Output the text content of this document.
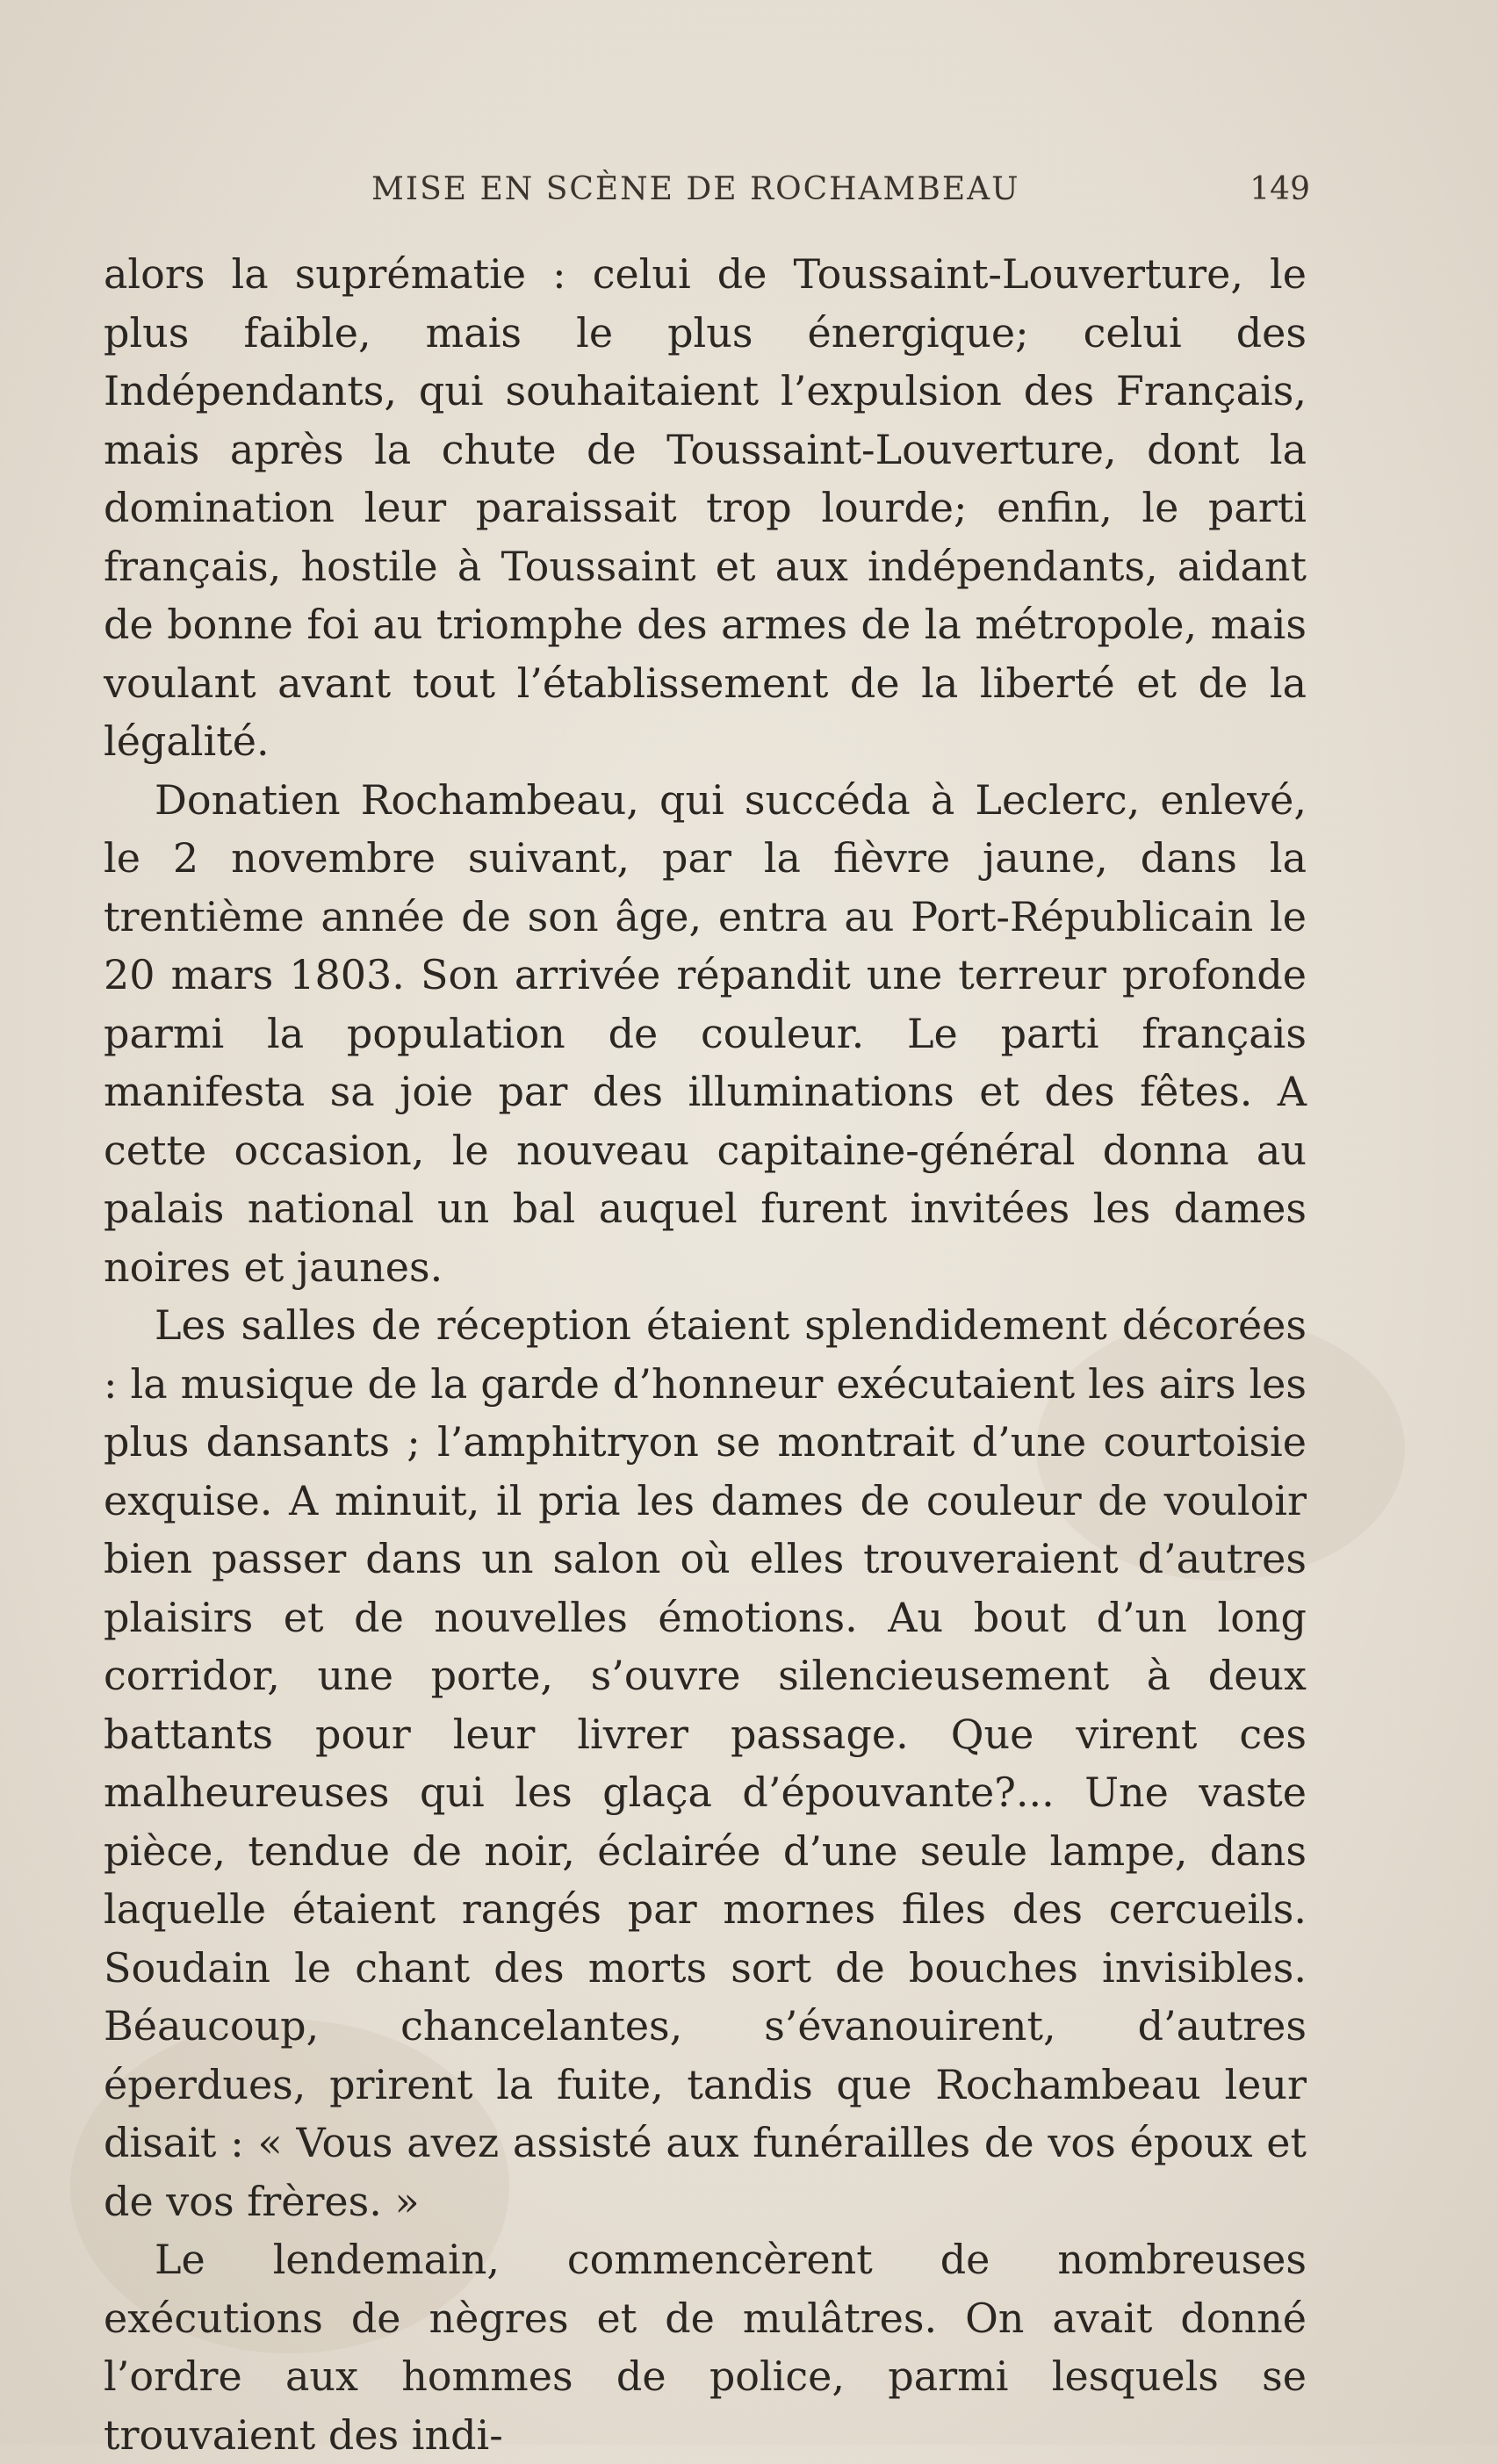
MISE EN SCÈNE DE ROCHAMBEAU	149

alors la suprématie : celui de Toussaint-Louverture, le plus faible, mais le plus énergique; celui des Indépendants, qui souhaitaient l’expulsion des Français, mais après la chute de Toussaint-Louverture, dont la domination leur paraissait trop lourde; enfin, le parti français, hostile à Toussaint et aux indépendants, aidant de bonne foi au triomphe des armes de la métropole, mais voulant avant tout l’établissement de la liberté et de la légalité.

Donatien Rochambeau, qui succéda à Leclerc, enlevé, le 2 novembre suivant, par la fièvre jaune, dans la trentième année de son âge, entra au Port-Républicain le 20 mars 1803. Son arrivée répandit une terreur profonde parmi la population de couleur. Le parti français manifesta sa joie par des illuminations et des fêtes. A cette occasion, le nouveau capitaine-général donna au palais national un bal auquel furent invitées les dames noires et jaunes.

Les salles de réception étaient splendidement décorées : la musique de la garde d’honneur exécutaient les airs les plus dansants ; l’amphitryon se montrait d’une courtoisie exquise. A minuit, il pria les dames de couleur de vouloir bien passer dans un salon où elles trouveraient d’autres plaisirs et de nouvelles émotions. Au bout d’un long corridor, une porte, s’ouvre silencieusement à deux battants pour leur livrer passage. Que virent ces malheureuses qui les glaça d’épouvante?... Une vaste pièce, tendue de noir, éclairée d’une seule lampe, dans laquelle étaient rangés par mornes files des cercueils. Soudain le chant des morts sort de bouches invisibles. Béaucoup, chancelantes, s’évanouirent, d’autres éperdues, prirent la fuite, tandis que Rochambeau leur disait : « Vous avez assisté aux funérailles de vos époux et de vos frères. »

Le lendemain, commencèrent de nombreuses exécutions de nègres et de mulâtres. On avait donné l’ordre aux hommes de police, parmi lesquels se trouvaient des indi-
